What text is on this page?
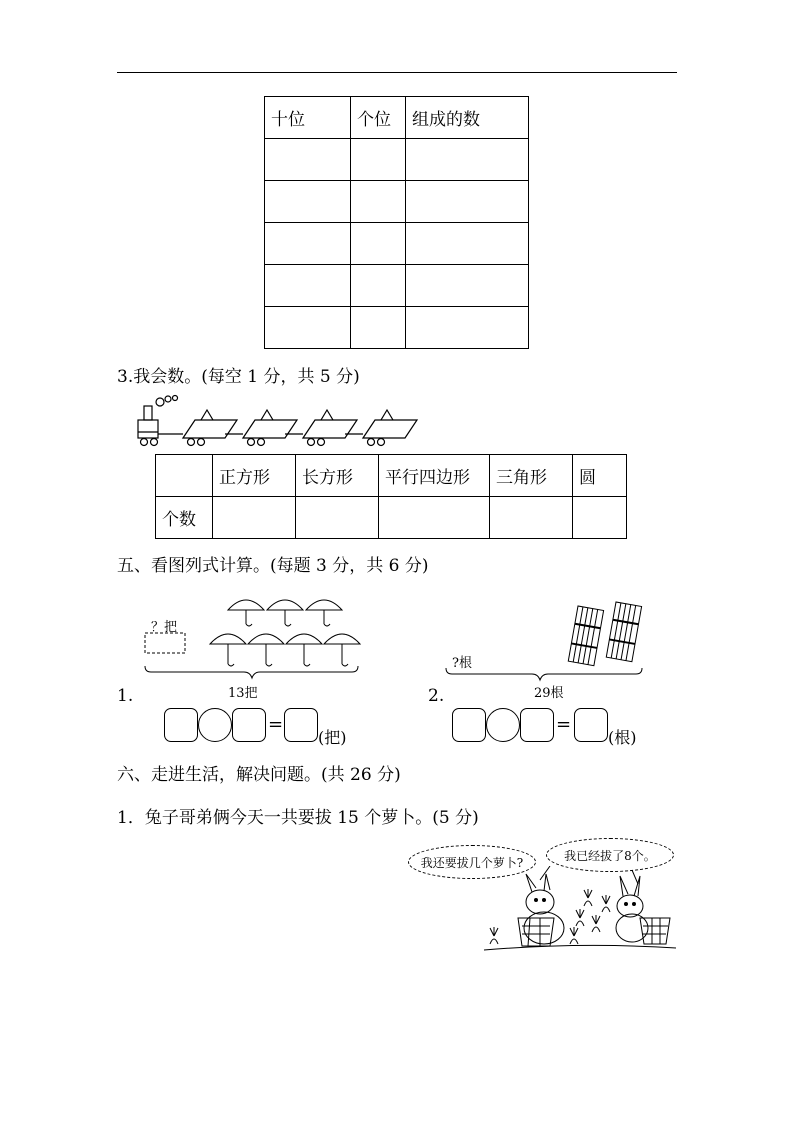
十位	个位	组成的数

3.我会数。(每空 1 分，共 5 分)
	正方形	长方形	平行四边形	三角形	圆
个数					
五、看图列式计算。(每题 3 分，共 6 分)
？把
1.	13把
=
(把)
?根
2.	29根
=
(根)
六、走进生活，解决问题。(共 26 分)
1．兔子哥弟俩今天一共要拔 15 个萝卜。(5 分)
我还要拔几个萝卜?	我已经拔了8个。
